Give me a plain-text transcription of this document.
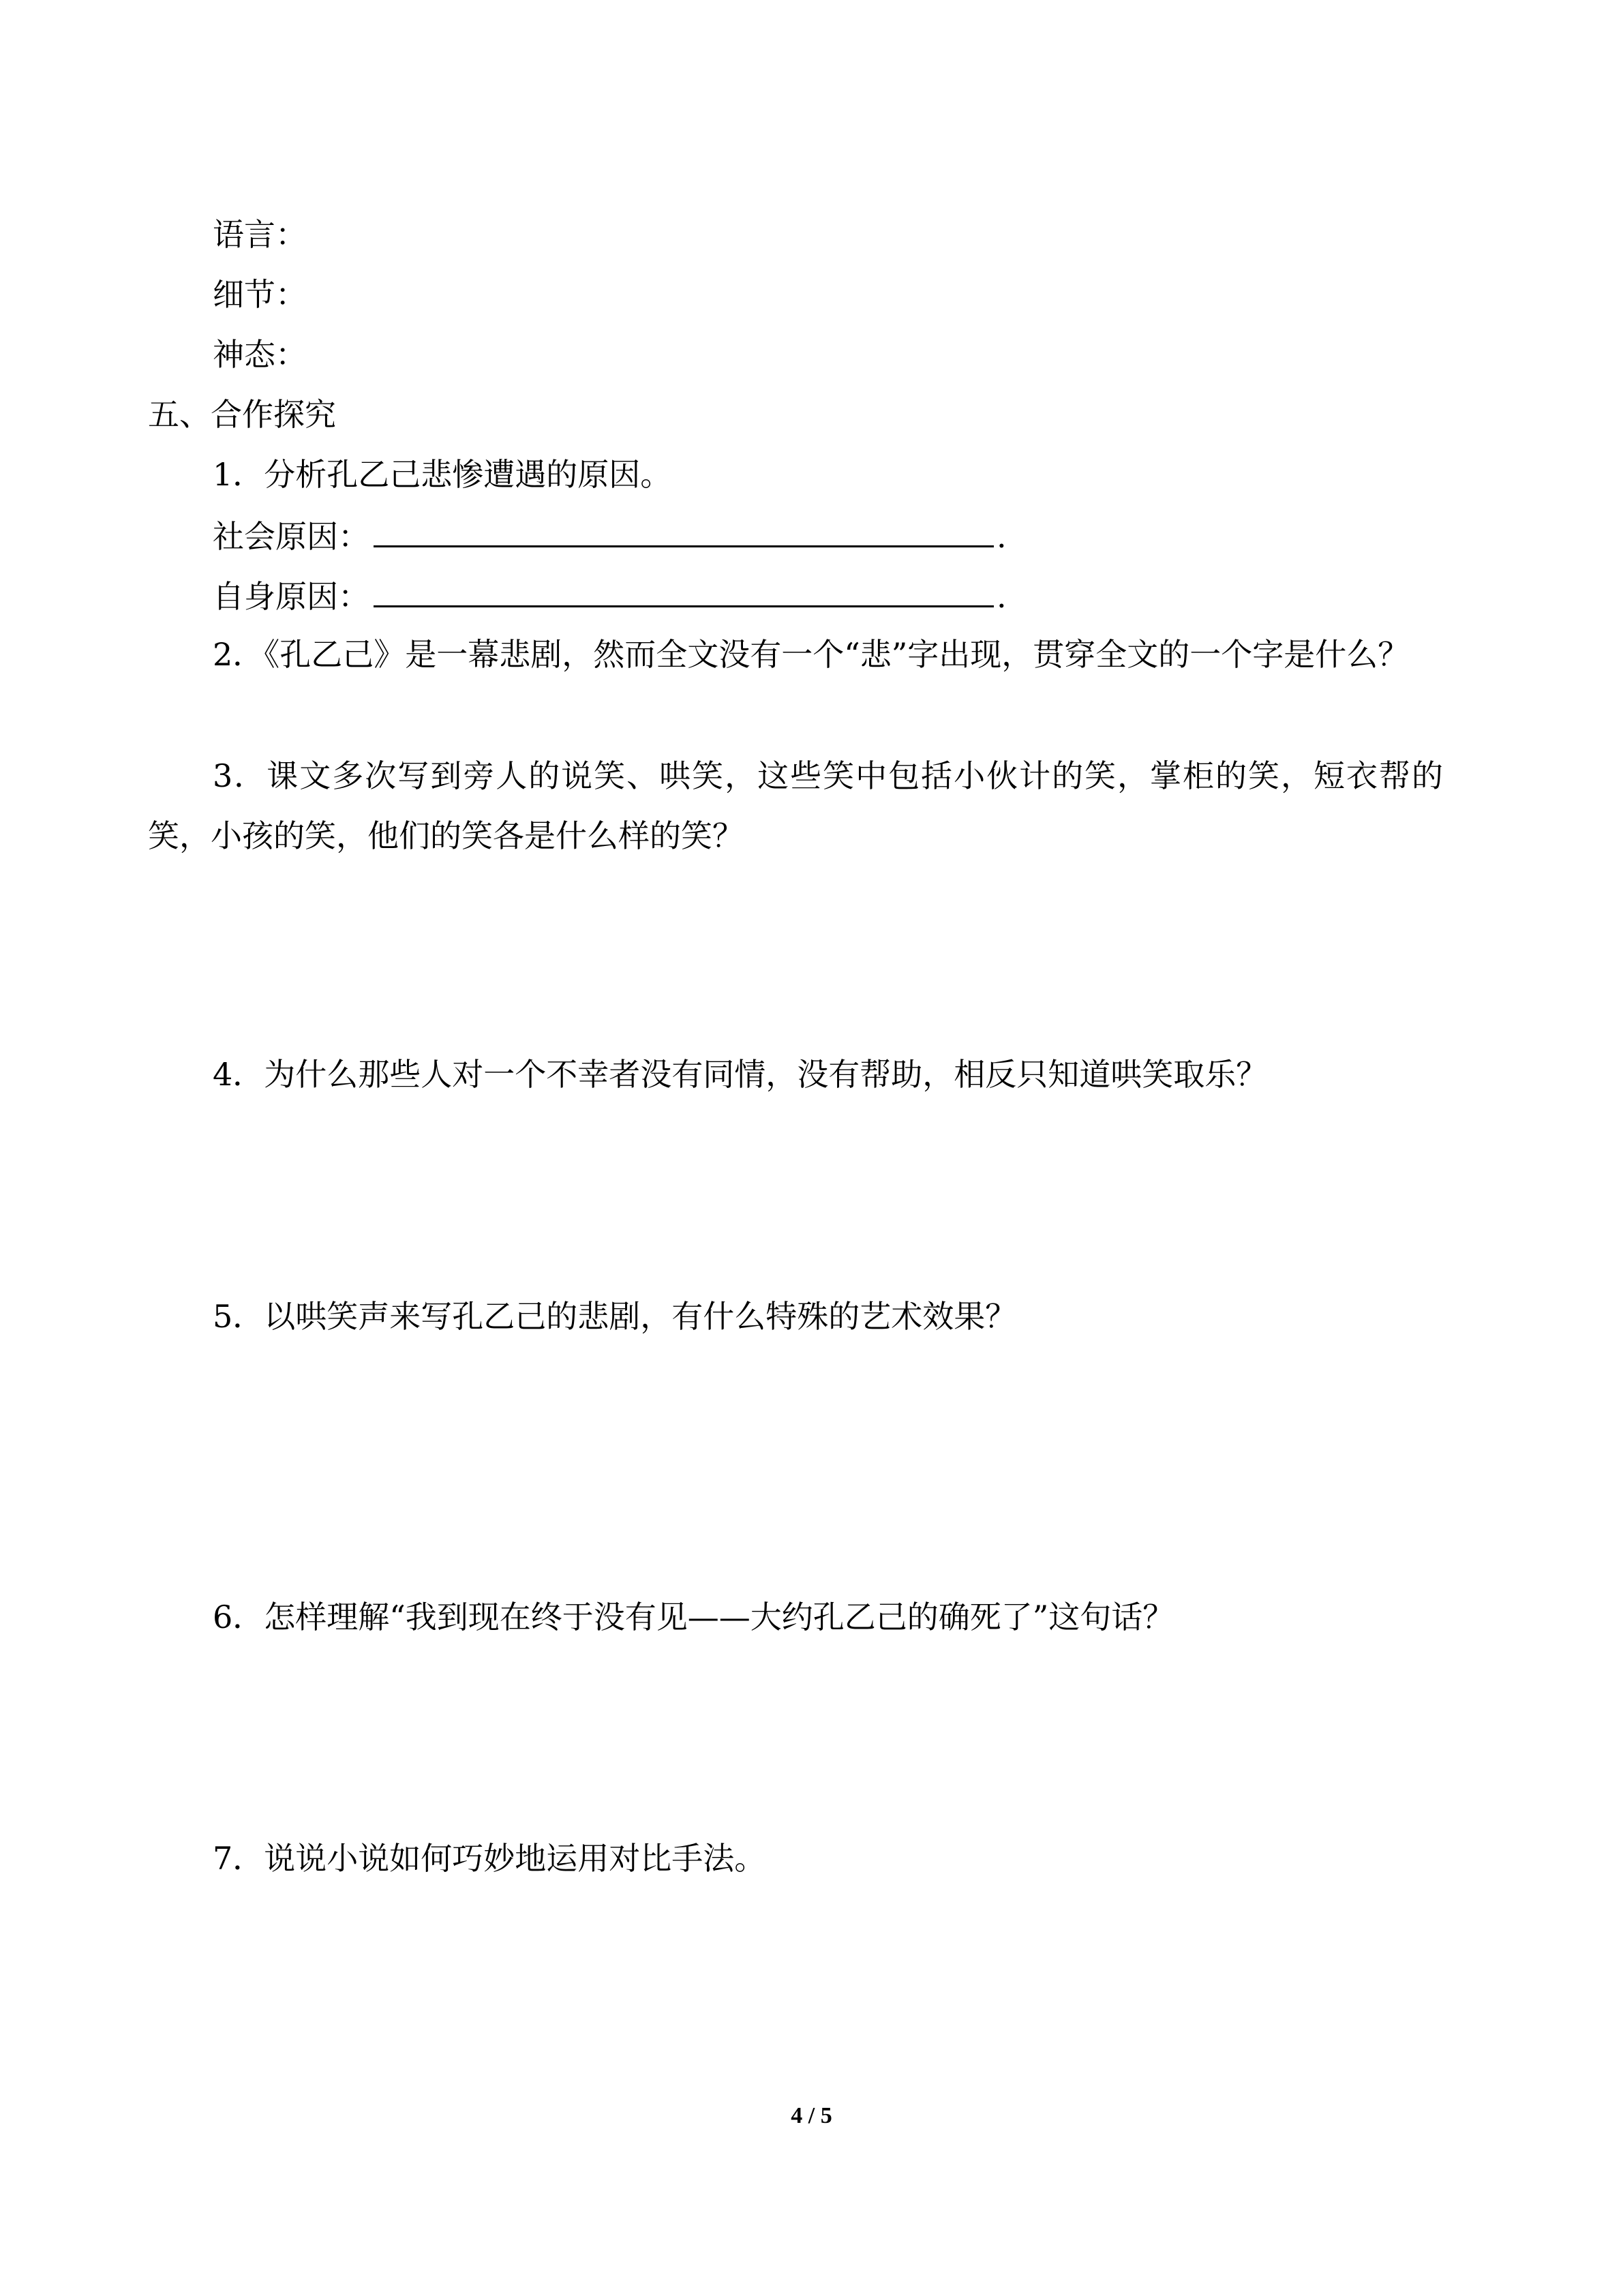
语言：
细节：
神态：
五、合作探究
1．分析孔乙己悲惨遭遇的原因。
社会原因：	.
自身原因：	.
2．《孔乙己》是一幕悲剧，然而全文没有一个“悲”字出现，贯穿全文的一个字是什么？
3．课文多次写到旁人的说笑、哄笑，这些笑中包括小伙计的笑，掌柜的笑，短衣帮的笑，小孩的笑，他们的笑各是什么样的笑？
4．为什么那些人对一个不幸者没有同情，没有帮助，相反只知道哄笑取乐？
5．以哄笑声来写孔乙己的悲剧，有什么特殊的艺术效果？
6．怎样理解“我到现在终于没有见——大约孔乙己的确死了”这句话？
7．说说小说如何巧妙地运用对比手法。
4 / 5
